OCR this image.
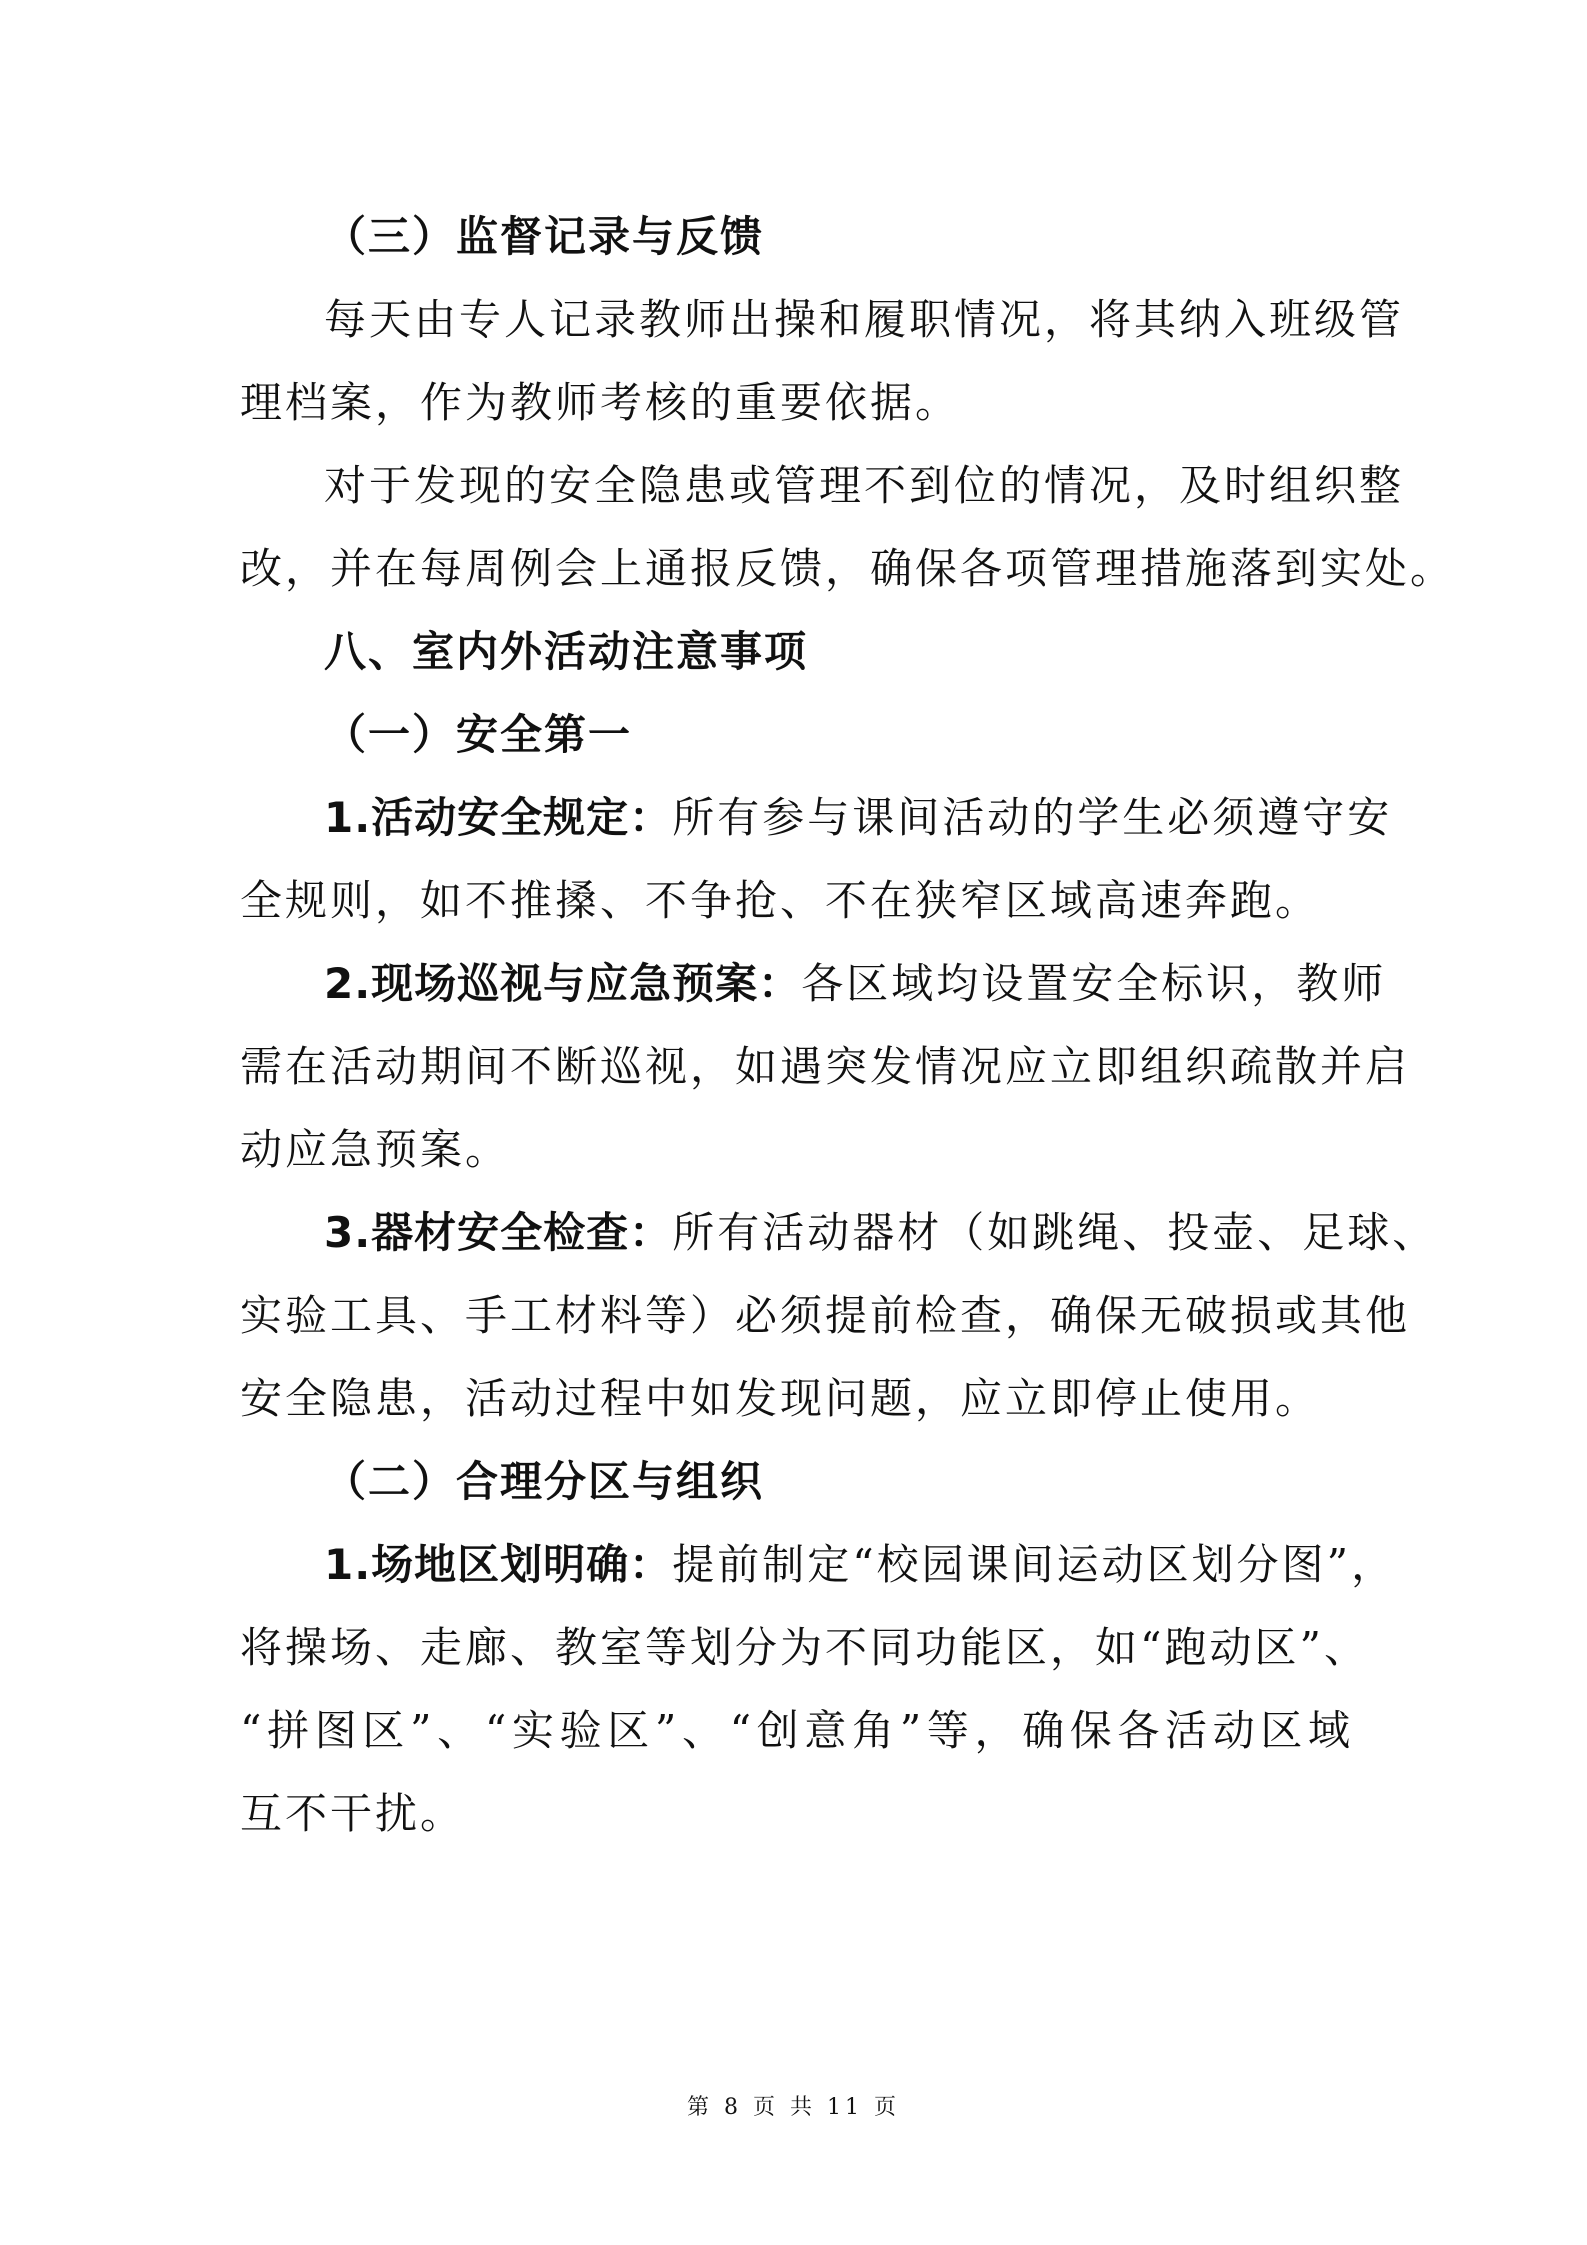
（三）监督记录与反馈
每天由专人记录教师出操和履职情况，将其纳入班级管
理档案，作为教师考核的重要依据。
对于发现的安全隐患或管理不到位的情况，及时组织整
改，并在每周例会上通报反馈，确保各项管理措施落到实处。
八、室内外活动注意事项
（一）安全第一
1.活动安全规定：所有参与课间活动的学生必须遵守安
全规则，如不推搡、不争抢、不在狭窄区域高速奔跑。
2.现场巡视与应急预案：各区域均设置安全标识，教师
需在活动期间不断巡视，如遇突发情况应立即组织疏散并启
动应急预案。
3.器材安全检查：所有活动器材（如跳绳、投壶、足球、
实验工具、手工材料等）必须提前检查，确保无破损或其他
安全隐患，活动过程中如发现问题，应立即停止使用。
（二）合理分区与组织
1.场地区划明确：提前制定“校园课间运动区划分图”，
将操场、走廊、教室等划分为不同功能区，如“跑动区”、
“拼图区”、“实验区”、“创意角”等，确保各活动区域
互不干扰。
第 8 页 共 11 页
